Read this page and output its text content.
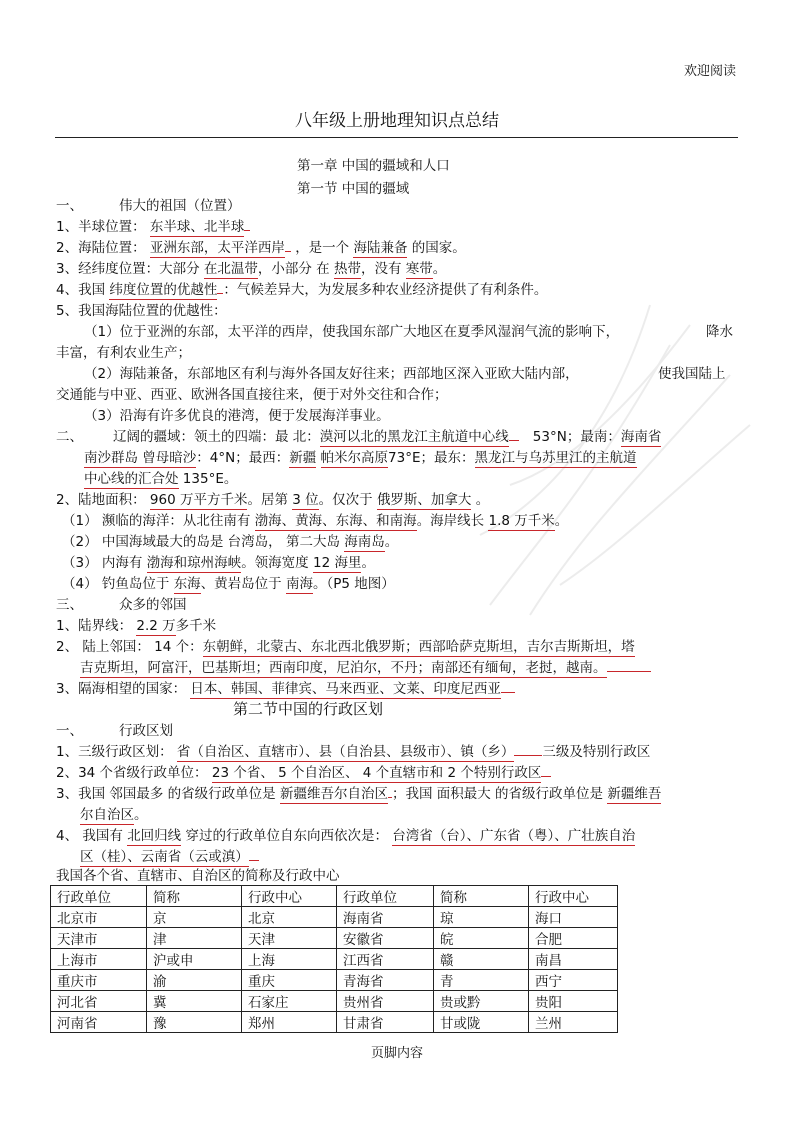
欢迎阅读
八年级上册地理知识点总结
第一章 中国的疆域和人口
第一节 中国的疆域
一、	伟大的祖国（位置）
1、半球位置： 东半球、北半球
2、海陆位置： 亚洲东部，太平洋西岸 ，是一个 海陆兼备 的国家。
3、经纬度位置：大部分 在北温带，小部分 在 热带，没有 寒带。
4、我国 纬度位置的优越性 ：气候差异大，为发展多种农业经济提供了有利条件。
5、我国海陆位置的优越性：
（1）位于亚洲的东部，太平洋的西岸，使我国东部广大地区在夏季风湿润气流的影响下，	降水
丰富，有利农业生产；
（2）海陆兼备，东部地区有利与海外各国友好往来；西部地区深入亚欧大陆内部，	使我国陆上
交通能与中亚、西亚、欧洲各国直接往来，便于对外交往和合作；
（3）沿海有许多优良的港湾，便于发展海洋事业。
二、 辽阔的疆域：领土的四端：最 北：漠河以北的黑龙江主航道中心线 53°N；最南：海南省
南沙群岛 曾母暗沙：4°N；最西：新疆 帕米尔高原73°E；最东：黑龙江与乌苏里江的主航道
中心线的汇合处 135°E。
2、陆地面积： 960 万平方千米。居第 3 位。仅次于 俄罗斯、加拿大 。
（1） 濒临的海洋：从北往南有 渤海、黄海、东海、和南海。海岸线长 1.8 万千米。
（2） 中国海域最大的岛是 台湾岛， 第二大岛 海南岛。
（3） 内海有 渤海和琼州海峡。领海宽度 12 海里。
（4） 钓鱼岛位于 东海、黄岩岛位于 南海。（P5 地图）
三、	众多的邻国
1、陆界线： 2.2 万多千米
2、 陆上邻国： 14 个：东朝鲜，北蒙古、东北西北俄罗斯；西部哈萨克斯坦，吉尔吉斯斯坦，塔
吉克斯坦，阿富汗，巴基斯坦；西南印度，尼泊尔，不丹；南部还有缅甸，老挝，越南。
3、隔海相望的国家： 日本、韩国、菲律宾、马来西亚、文莱、印度尼西亚
第二节中国的行政区划
一、	行政区划
1、三级行政区划： 省（自治区、直辖市）、县（自治县、县级市）、镇（乡） 三级及特别行政区
2、34 个省级行政单位： 23 个省、 5 个自治区、 4 个直辖市和 2 个特别行政区
3、我国 邻国最多 的省级行政单位是 新疆维吾尔自治区 ；我国 面积最大 的省级行政单位是 新疆维吾
尔自治区。
4、 我国有 北回归线 穿过的行政单位自东向西依次是： 台湾省（台）、广东省（粤）、广壮族自治
区（桂）、云南省（云或滇）
我国各个省、直辖市、自治区的简称及行政中心
行政单位	简称	行政中心	行政单位	简称	行政中心
北京市	京	北京	海南省	琼	海口
天津市	津	天津	安徽省	皖	合肥
上海市	沪或申	上海	江西省	赣	南昌
重庆市	渝	重庆	青海省	青	西宁
河北省	冀	石家庄	贵州省	贵或黔	贵阳
河南省	豫	郑州	甘肃省	甘或陇	兰州
页脚内容
